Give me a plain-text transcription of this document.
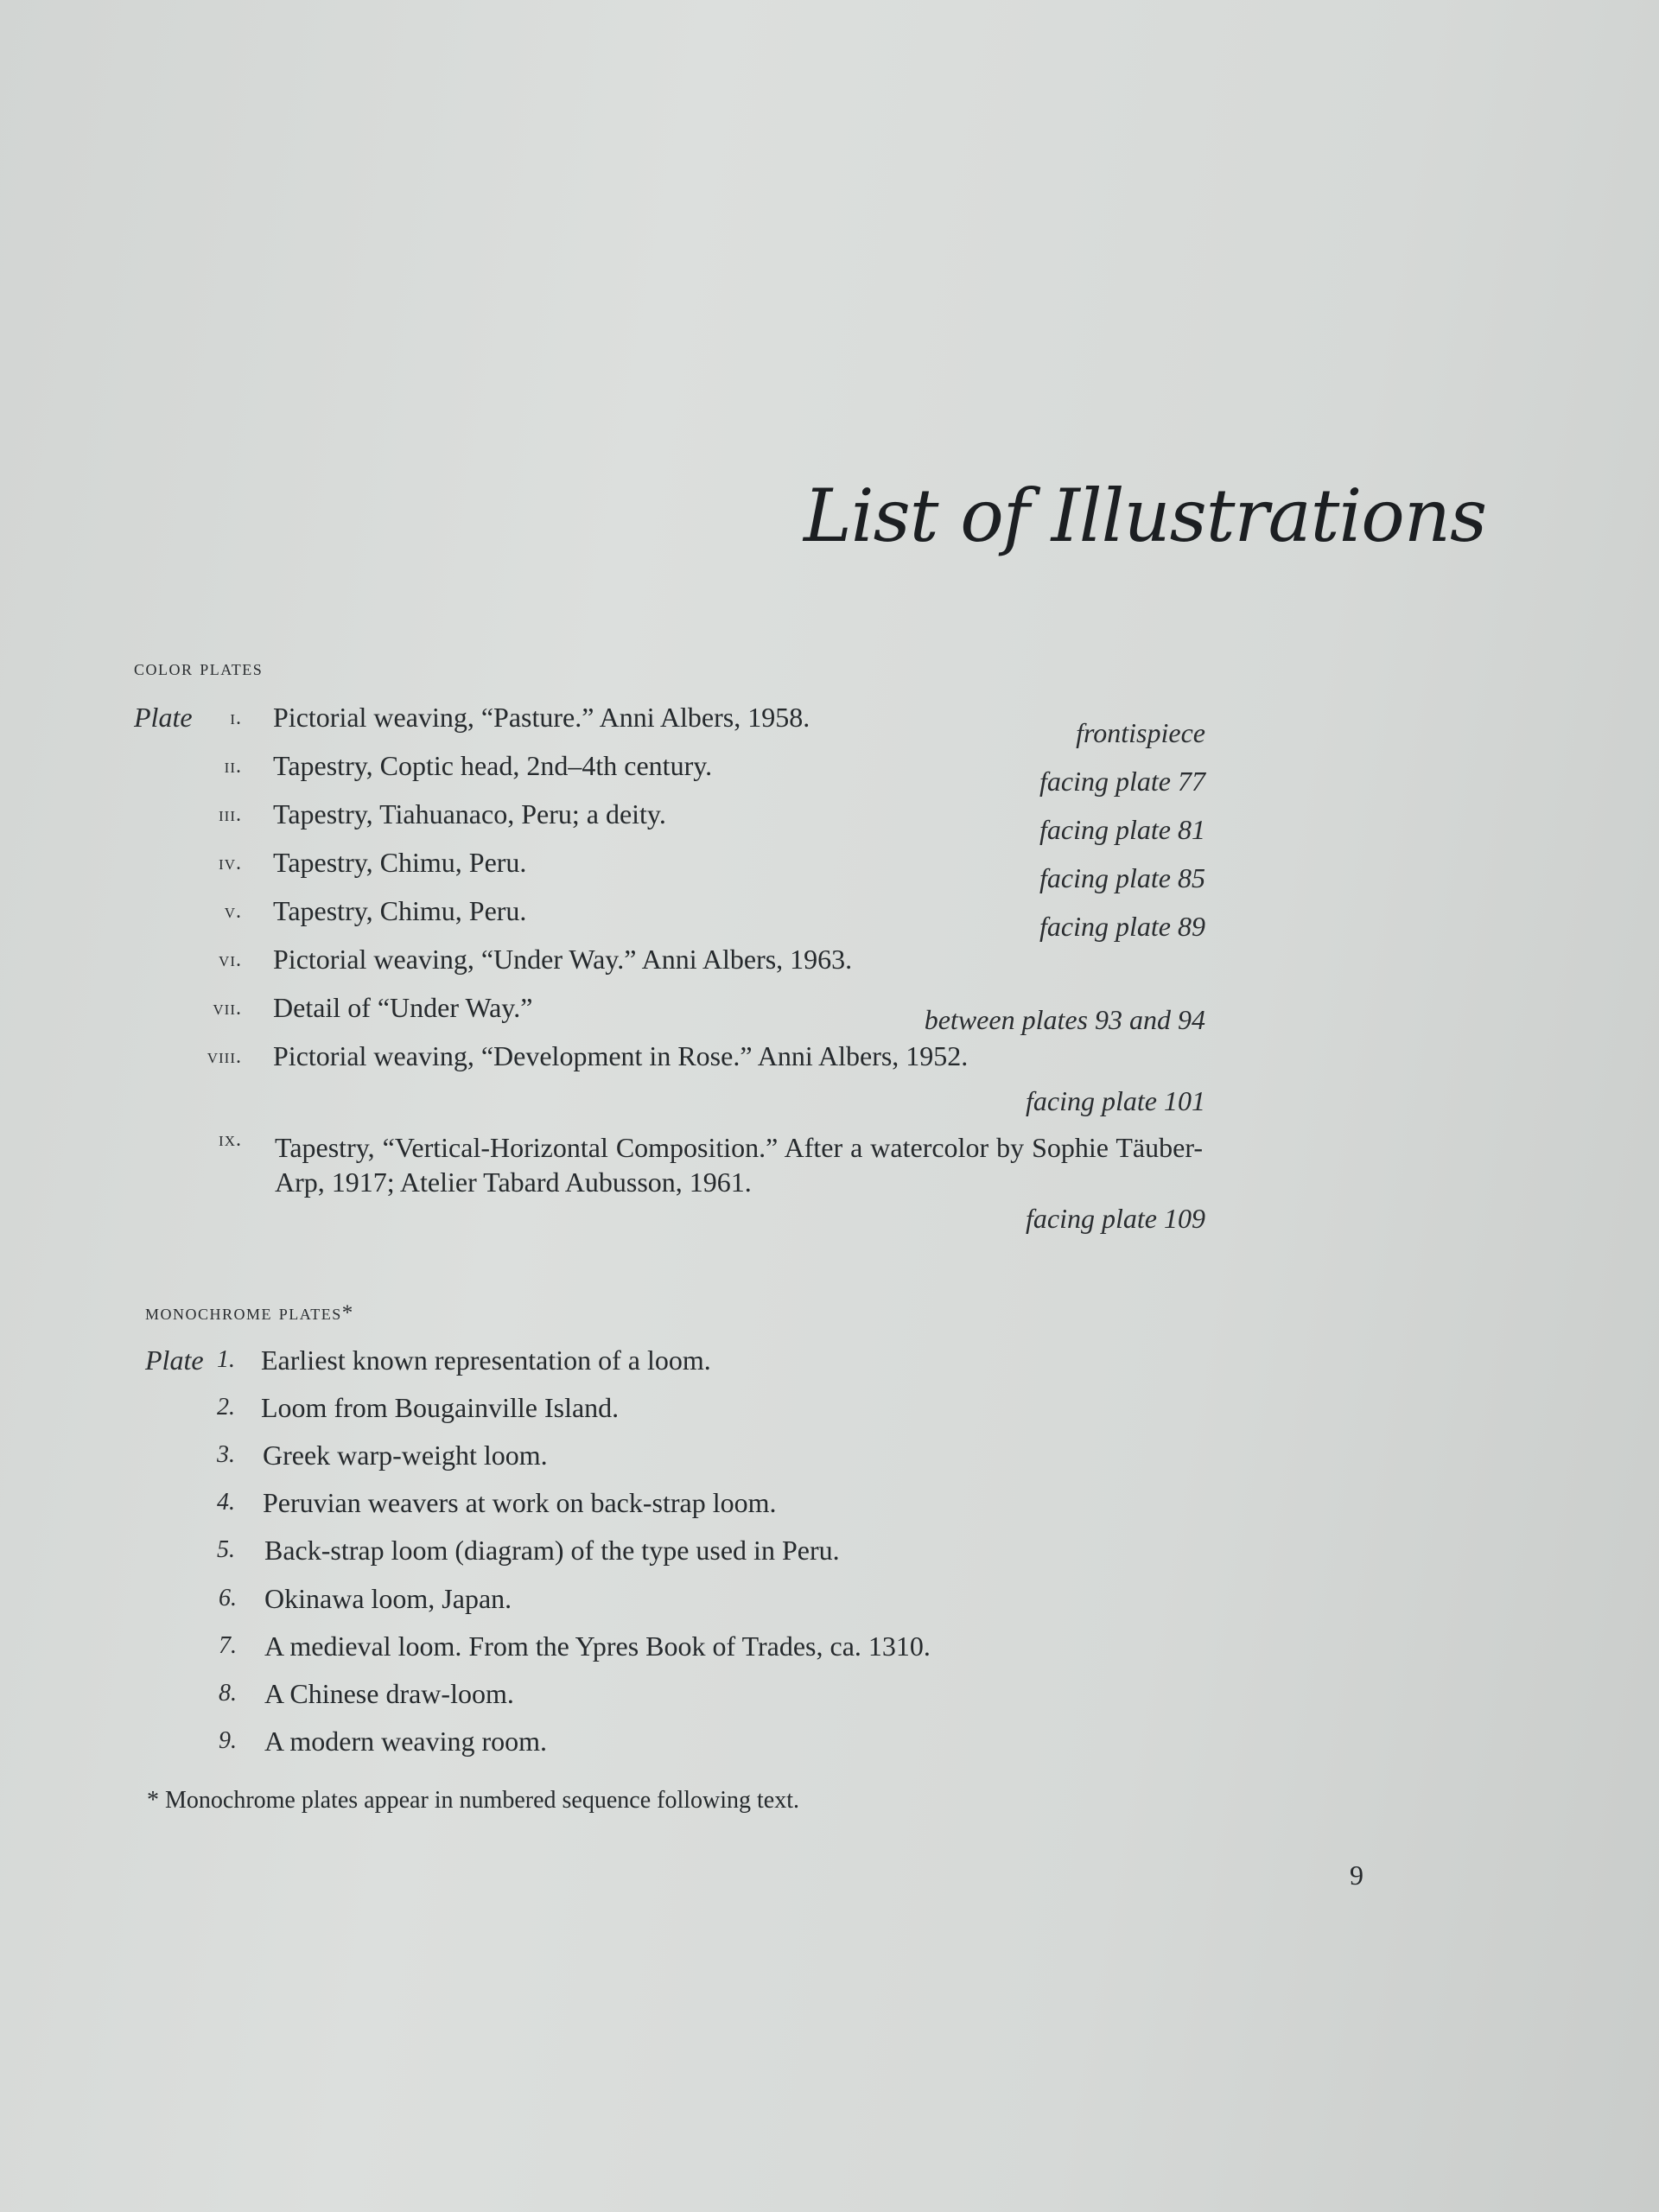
List of Illustrations
color plates
Plate	i. Pictorial weaving, “Pasture.” Anni Albers, 1958.	frontispiece
ii. Tapestry, Coptic head, 2nd–4th century.	facing plate 77
iii. Tapestry, Tiahuanaco, Peru; a deity.	facing plate 81
iv. Tapestry, Chimu, Peru.	facing plate 85
v. Tapestry, Chimu, Peru.	facing plate 89
vi. Pictorial weaving, “Under Way.” Anni Albers, 1963.
vii. Detail of “Under Way.”	between plates 93 and 94
viii. Pictorial weaving, “Development in Rose.” Anni Albers, 1952.
facing plate 101
ix. Tapestry, “Vertical-Horizontal Composition.” After a watercolor by Sophie Täuber-Arp, 1917; Atelier Tabard Aubusson, 1961.
facing plate 109
monochrome plates*
Plate 1. Earliest known representation of a loom.
2. Loom from Bougainville Island.
3. Greek warp-weight loom.
4. Peruvian weavers at work on back-strap loom.
5. Back-strap loom (diagram) of the type used in Peru.
6. Okinawa loom, Japan.
7. A medieval loom. From the Ypres Book of Trades, ca. 1310.
8. A Chinese draw-loom.
9. A modern weaving room.
* Monochrome plates appear in numbered sequence following text.
9
